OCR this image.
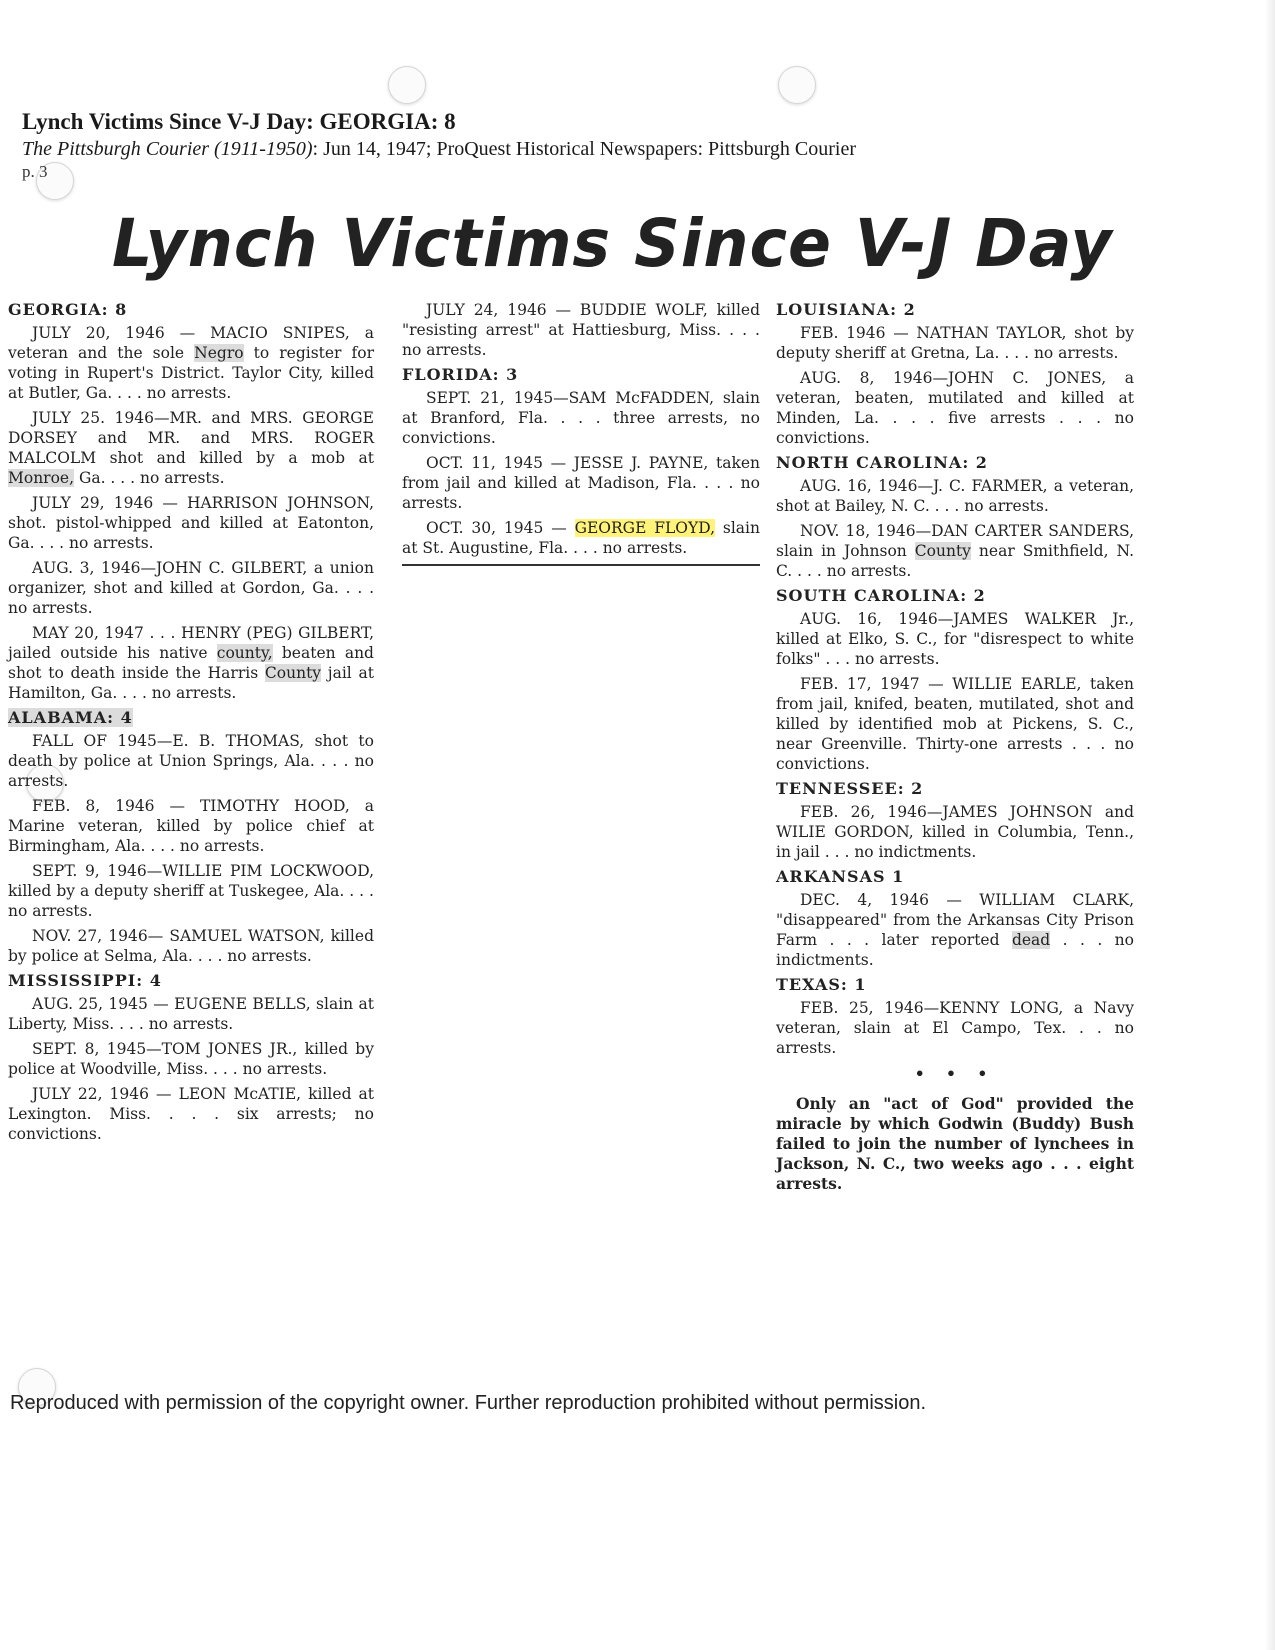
Lynch Victims Since V-J Day: GEORGIA: 8

The Pittsburgh Courier (1911-1950): Jun 14, 1947; ProQuest Historical Newspapers: Pittsburgh Courier

p. 3

Lynch Victims Since V-J Day

GEORGIA: 8

JULY 20, 1946 — MACIO SNIPES, a veteran and the sole Negro to register for voting in Rupert's District. Taylor City, killed at Butler, Ga. . . . no arrests.

JULY 25. 1946—MR. and MRS. GEORGE DORSEY and MR. and MRS. ROGER MALCOLM shot and killed by a mob at Monroe, Ga. . . . no arrests.

JULY 29, 1946 — HARRISON JOHNSON, shot. pistol-whipped and killed at Eatonton, Ga. . . . no arrests.

AUG. 3, 1946—JOHN C. GILBERT, a union organizer, shot and killed at Gordon, Ga. . . . no arrests.

MAY 20, 1947 . . . HENRY (PEG) GILBERT, jailed outside his native county, beaten and shot to death inside the Harris County jail at Hamilton, Ga. . . . no arrests.

ALABAMA: 4

FALL OF 1945—E. B. THOMAS, shot to death by police at Union Springs, Ala. . . . no arrests.

FEB. 8, 1946 — TIMOTHY HOOD, a Marine veteran, killed by police chief at Birmingham, Ala. . . . no arrests.

SEPT. 9, 1946—WILLIE PIM LOCKWOOD, killed by a deputy sheriff at Tuskegee, Ala. . . . no arrests.

NOV. 27, 1946— SAMUEL WATSON, killed by police at Selma, Ala. . . . no arrests.

MISSISSIPPI: 4

AUG. 25, 1945 — EUGENE BELLS, slain at Liberty, Miss. . . . no arrests.

SEPT. 8, 1945—TOM JONES JR., killed by police at Woodville, Miss. . . . no arrests.

JULY 22, 1946 — LEON McATIE, killed at Lexington. Miss. . . . six arrests; no convictions.

JULY 24, 1946 — BUDDIE WOLF, killed "resisting arrest" at Hattiesburg, Miss. . . . no arrests.

FLORIDA: 3

SEPT. 21, 1945—SAM McFADDEN, slain at Branford, Fla. . . . three arrests, no convictions.

OCT. 11, 1945 — JESSE J. PAYNE, taken from jail and killed at Madison, Fla. . . . no arrests.

OCT. 30, 1945 — GEORGE FLOYD, slain at St. Augustine, Fla. . . . no arrests.

LOUISIANA: 2

FEB. 1946 — NATHAN TAYLOR, shot by deputy sheriff at Gretna, La. . . . no arrests.

AUG. 8, 1946—JOHN C. JONES, a veteran, beaten, mutilated and killed at Minden, La. . . . five arrests . . . no convictions.

NORTH CAROLINA: 2

AUG. 16, 1946—J. C. FARMER, a veteran, shot at Bailey, N. C. . . . no arrests.

NOV. 18, 1946—DAN CARTER SANDERS, slain in Johnson County near Smithfield, N. C. . . . no arrests.

SOUTH CAROLINA: 2

AUG. 16, 1946—JAMES WALKER Jr., killed at Elko, S. C., for "disrespect to white folks" . . . no arrests.

FEB. 17, 1947 — WILLIE EARLE, taken from jail, knifed, beaten, mutilated, shot and killed by identified mob at Pickens, S. C., near Greenville. Thirty-one arrests . . . no convictions.

TENNESSEE: 2

FEB. 26, 1946—JAMES JOHNSON and WILIE GORDON, killed in Columbia, Tenn., in jail . . . no indictments.

ARKANSAS 1

DEC. 4, 1946 — WILLIAM CLARK, "disappeared" from the Arkansas City Prison Farm . . . later reported dead . . . no indictments.

TEXAS: 1

FEB. 25, 1946—KENNY LONG, a Navy veteran, slain at El Campo, Tex. . . no arrests.

• • •

Only an "act of God" provided the miracle by which Godwin (Buddy) Bush failed to join the number of lynchees in Jackson, N. C., two weeks ago . . . eight arrests.

Reproduced with permission of the copyright owner. Further reproduction prohibited without permission.
